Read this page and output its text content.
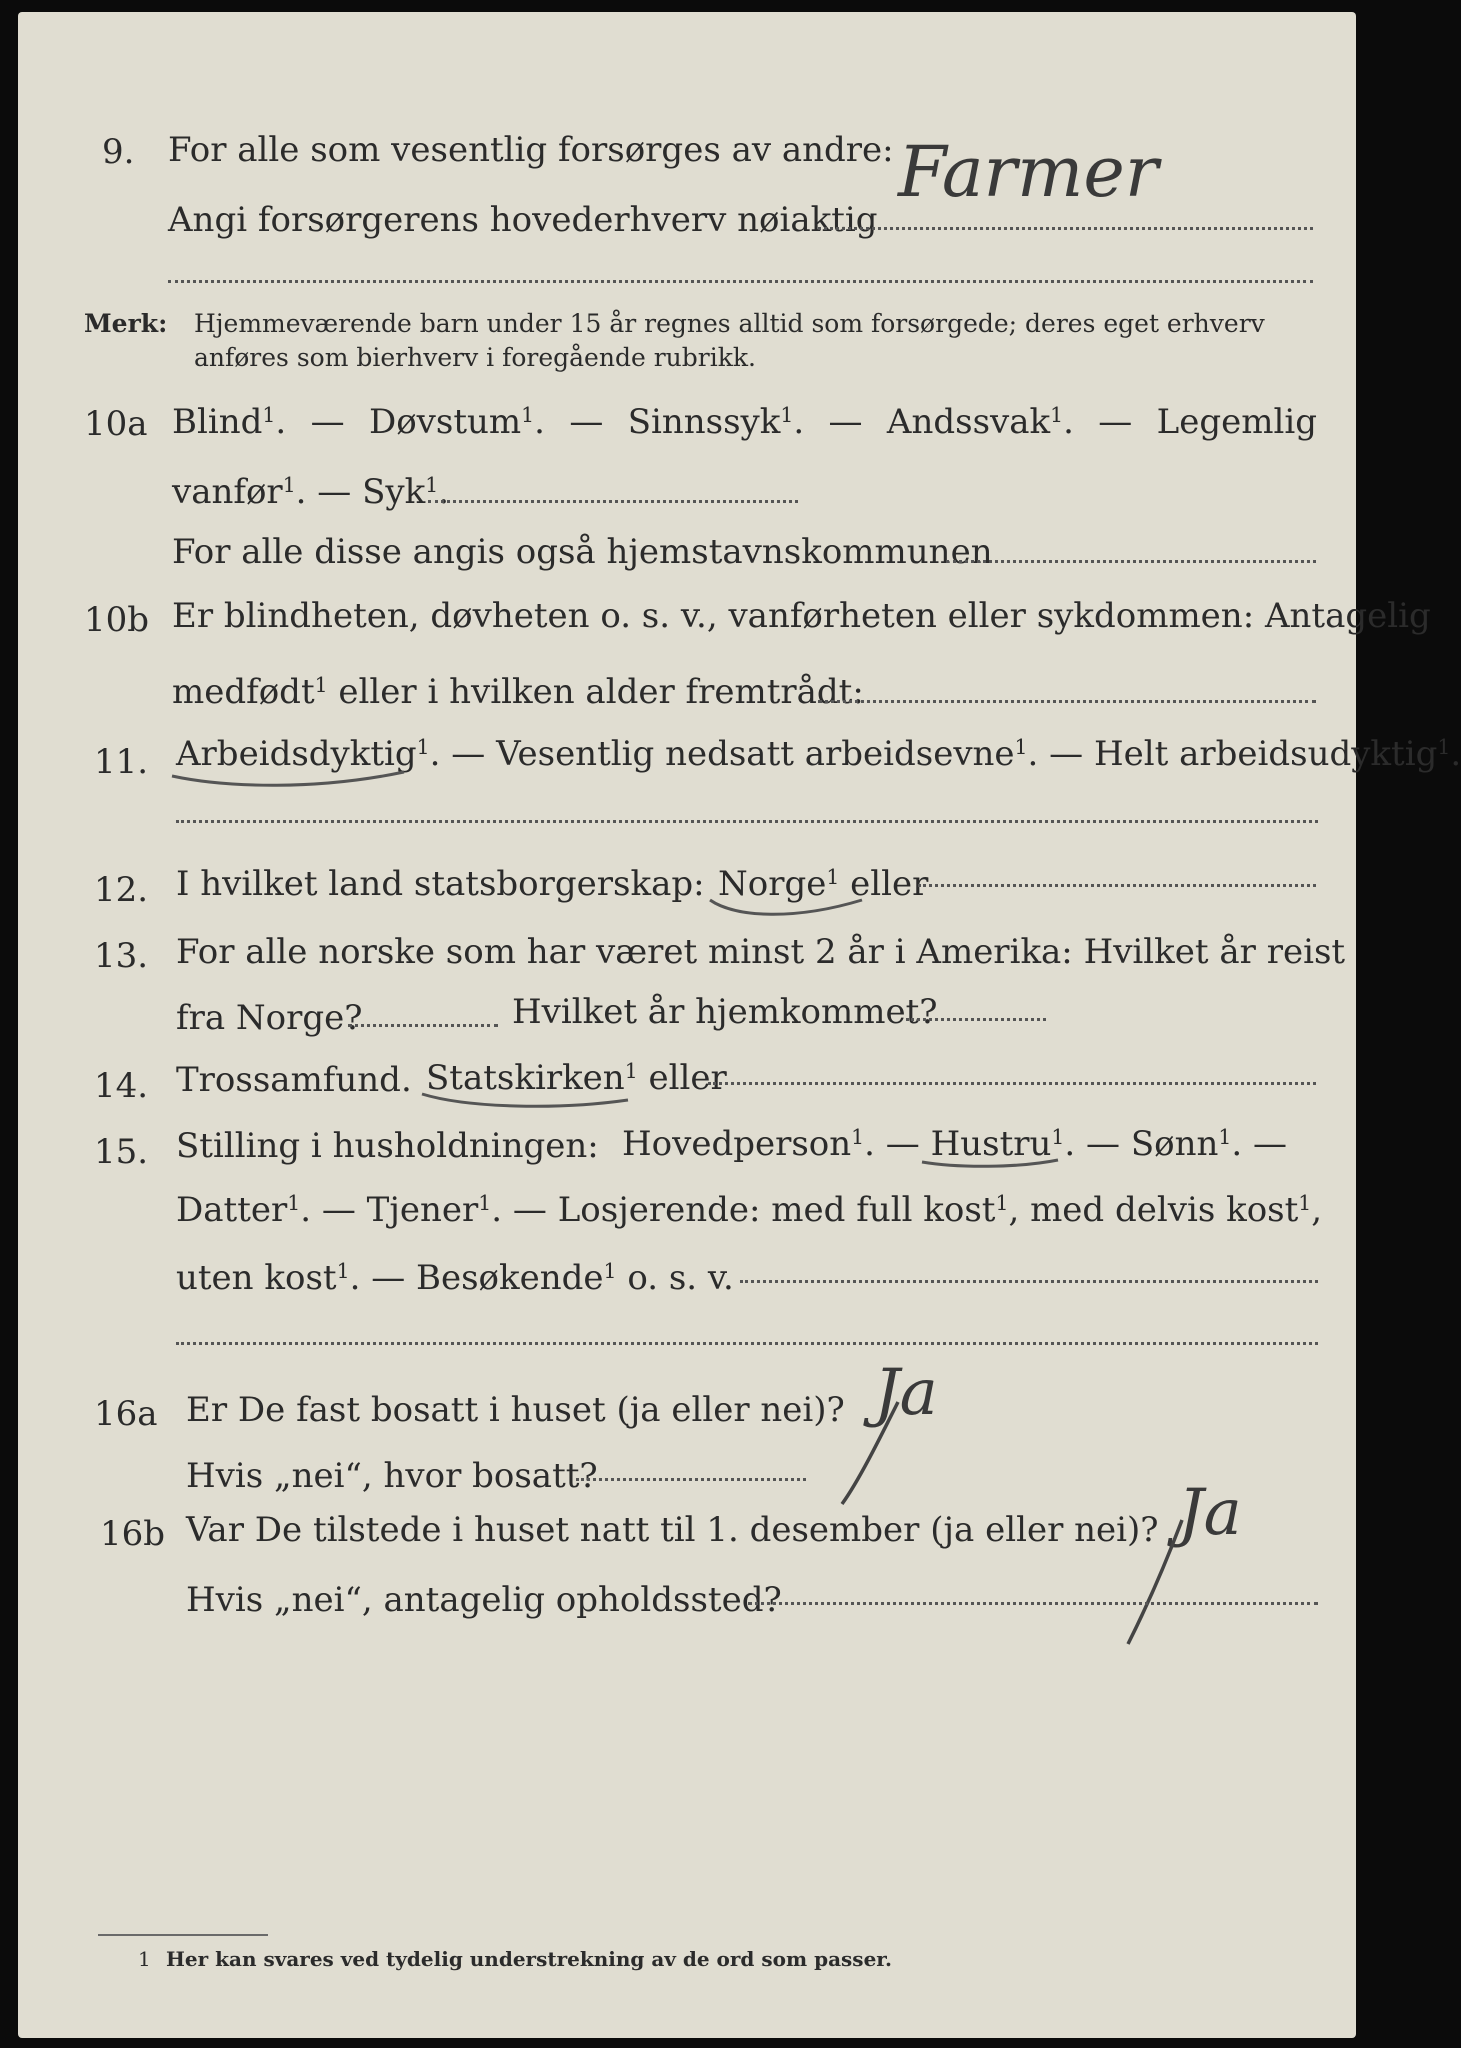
9. For alle som vesentlig forsørges av andre:
Angi forsørgerens hovederhverv nøiaktig
Farmer
Merk: Hjemmeværende barn under 15 år regnes alltid som forsørgede; deres eget erhverv
anføres som bierhverv i foregående rubrikk.
10a Blind$^1$. — Døvstum$^1$. — Sinnssyk$^1$. — Andssvak$^1$. — Legemlig
vanfør$^1$. — Syk$^1$.
For alle disse angis også hjemstavnskommunen
10b Er blindheten, døvheten o. s. v., vanførheten eller sykdommen: Antagelig
medfødt$^1$ eller i hvilken alder fremtrådt:
11. Arbeidsdyktig$^1$. — Vesentlig nedsatt arbeidsevne$^1$. — Helt arbeidsudyktig$^1$.
12. I hvilket land statsborgerskap: Norge$^1$ eller
13. For alle norske som har været minst 2 år i Amerika: Hvilket år reist
fra Norge?	Hvilket år hjemkommet?
14. Trossamfund. Statskirken$^1$ eller
15. Stilling i husholdningen: Hovedperson$^1$. — Hustru$^1$. — Sønn$^1$. —
Datter$^1$. — Tjener$^1$. — Losjerende: med full kost$^1$, med delvis kost$^1$,
uten kost$^1$. — Besøkende$^1$ o. s. v.
16a Er De fast bosatt i huset (ja eller nei)? Ja
Hvis „nei“, hvor bosatt?
16b Var De tilstede i huset natt til 1. desember (ja eller nei)? Ja
Hvis „nei“, antagelig opholdssted?
1 Her kan svares ved tydelig understrekning av de ord som passer.
